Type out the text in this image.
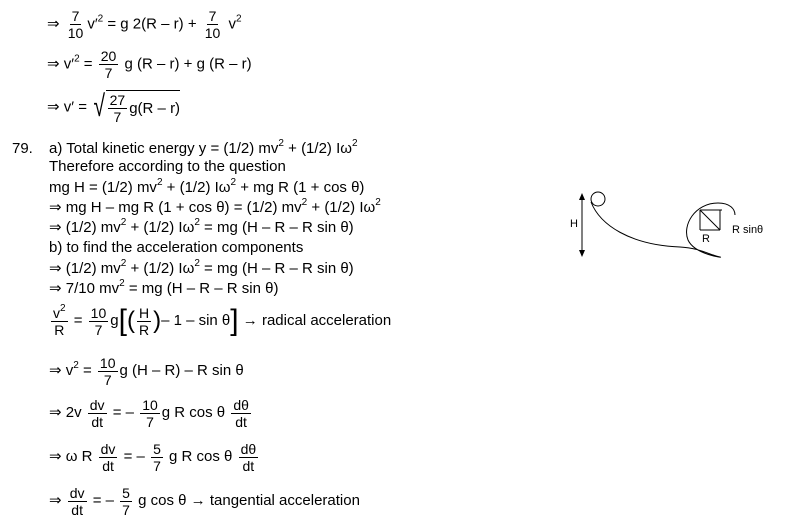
⇒ $\frac{7}{10} v'^2 = g$ $2(R - r) + \frac{7}{10} v^2$
⇒ $v'^2 = \frac{20}{7}$ g (R – r) + g (R – r)
⇒ v′ = √ $\frac{27}{7} g(R - r)$
79. a) Total kinetic energy y = (1/2) $mv^2 + (1/2)$ $I\omega^2$
Therefore according to the question
mg H = (1/2) $mv^2 + (1/2) I\omega^2$ + mg R (1 + cos θ)
⇒ mg H – mg R (1 + cos θ) = (1/2) $mv^2 + (1/2)$ $I\omega^2$
⇒ (1/2) $mv^2 + (1/2) I\omega^2$ = mg (H – R – R sin θ)
b) to find the acceleration components
⇒ (1/2) $mv^2 + (1/2) I\omega^2$ = mg (H – R – R sin θ)
⇒ 7/10 $mv^2$ = mg (H – R – R sin θ)
$\frac{v^2}{R} = \frac{10}{7} g[( \frac{H}{R}$ )– 1 – sin θ] → radical acceleration
⇒ $v^2 = \frac{10}{7}$ g (H – R) – R sin θ
⇒ $2v \frac{dv}{dt}$ = – $\frac{10}{7}$ g R cos θ $\frac{d\theta}{dt}$
⇒ ω R $\frac{dv}{dt}$ = – $\frac{5}{7}$ g R cos θ $\frac{d\theta}{dt}$
⇒ $\frac{dv}{dt}$ = – $\frac{5}{7}$ g cos θ → tangential acceleration
H
R
R sinθ
